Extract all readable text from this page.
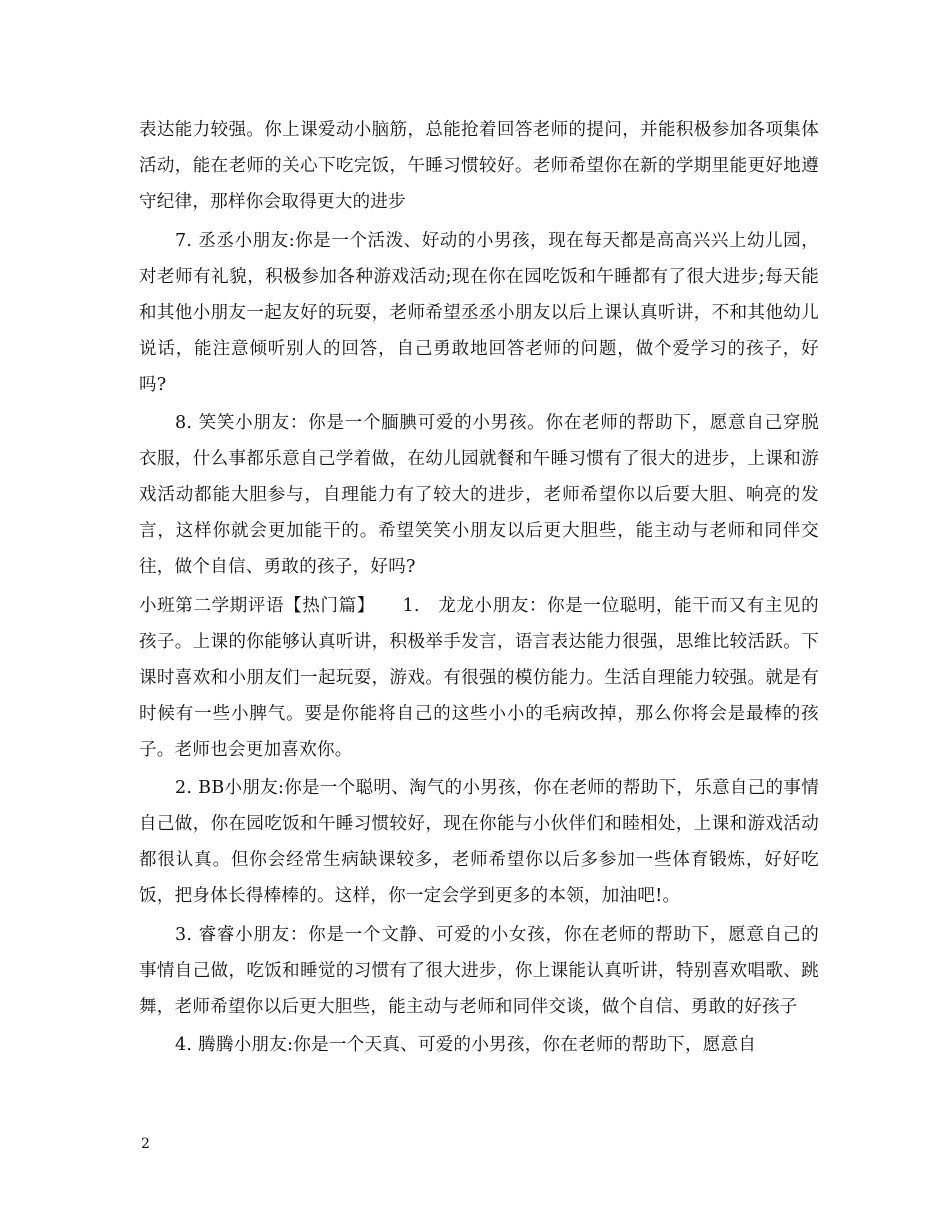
表达能力较强。你上课爱动小脑筋，总能抢着回答老师的提问，并能积极参加各项集体活动，能在老师的关心下吃完饭，午睡习惯较好。老师希望你在新的学期里能更好地遵守纪律，那样你会取得更大的进步

7. 丞丞小朋友:你是一个活泼、好动的小男孩，现在每天都是高高兴兴上幼儿园，对老师有礼貌，积极参加各种游戏活动;现在你在园吃饭和午睡都有了很大进步;每天能和其他小朋友一起友好的玩耍，老师希望丞丞小朋友以后上课认真听讲，不和其他幼儿说话，能注意倾听别人的回答，自己勇敢地回答老师的问题，做个爱学习的孩子，好吗?

8. 笑笑小朋友：你是一个腼腆可爱的小男孩。你在老师的帮助下，愿意自己穿脱衣服，什么事都乐意自己学着做，在幼儿园就餐和午睡习惯有了很大的进步，上课和游戏活动都能大胆参与，自理能力有了较大的进步，老师希望你以后要大胆、响亮的发言，这样你就会更加能干的。希望笑笑小朋友以后更大胆些，能主动与老师和同伴交往，做个自信、勇敢的孩子，好吗?

小班第二学期评语【热门篇】　　1.　龙龙小朋友：你是一位聪明，能干而又有主见的孩子。上课的你能够认真听讲，积极举手发言，语言表达能力很强，思维比较活跃。下课时喜欢和小朋友们一起玩耍，游戏。有很强的模仿能力。生活自理能力较强。就是有时候有一些小脾气。要是你能将自己的这些小小的毛病改掉，那么你将会是最棒的孩子。老师也会更加喜欢你。

2. BB小朋友:你是一个聪明、淘气的小男孩，你在老师的帮助下，乐意自己的事情自己做，你在园吃饭和午睡习惯较好，现在你能与小伙伴们和睦相处，上课和游戏活动都很认真。但你会经常生病缺课较多，老师希望你以后多参加一些体育锻炼，好好吃饭，把身体长得棒棒的。这样，你一定会学到更多的本领，加油吧!。

3. 睿睿小朋友：你是一个文静、可爱的小女孩，你在老师的帮助下，愿意自己的事情自己做，吃饭和睡觉的习惯有了很大进步，你上课能认真听讲，特别喜欢唱歌、跳舞，老师希望你以后更大胆些，能主动与老师和同伴交谈，做个自信、勇敢的好孩子

4. 腾腾小朋友:你是一个天真、可爱的小男孩，你在老师的帮助下，愿意自

2
